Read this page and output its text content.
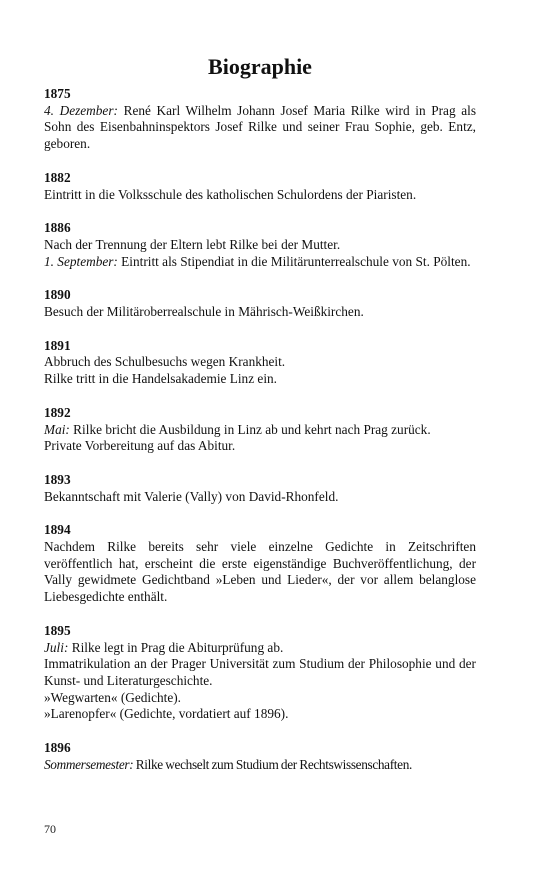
Biographie
1875
4. Dezember: René Karl Wilhelm Johann Josef Maria Rilke wird in Prag als Sohn des Eisenbahninspektors Josef Rilke und seiner Frau Sophie, geb. Entz, geboren.
1882
Eintritt in die Volksschule des katholischen Schulordens der Piaristen.
1886
Nach der Trennung der Eltern lebt Rilke bei der Mutter.
1. September: Eintritt als Stipendiat in die Militärunterrealschule von St. Pölten.
1890
Besuch der Militäroberrealschule in Mährisch-Weißkirchen.
1891
Abbruch des Schulbesuchs wegen Krankheit.
Rilke tritt in die Handelsakademie Linz ein.
1892
Mai: Rilke bricht die Ausbildung in Linz ab und kehrt nach Prag zurück.
Private Vorbereitung auf das Abitur.
1893
Bekanntschaft mit Valerie (Vally) von David-Rhonfeld.
1894
Nachdem Rilke bereits sehr viele einzelne Gedichte in Zeitschriften veröffentlich hat, erscheint die erste eigenständige Buchveröffentlichung, der Vally gewidmete Gedichtband »Leben und Lieder«, der vor allem belanglose Liebesgedichte enthält.
1895
Juli: Rilke legt in Prag die Abiturprüfung ab.
Immatrikulation an der Prager Universität zum Studium der Philosophie und der Kunst- und Literaturgeschichte.
»Wegwarten« (Gedichte).
»Larenopfer« (Gedichte, vordatiert auf 1896).
1896
Sommersemester: Rilke wechselt zum Studium der Rechtswissenschaften.
70
